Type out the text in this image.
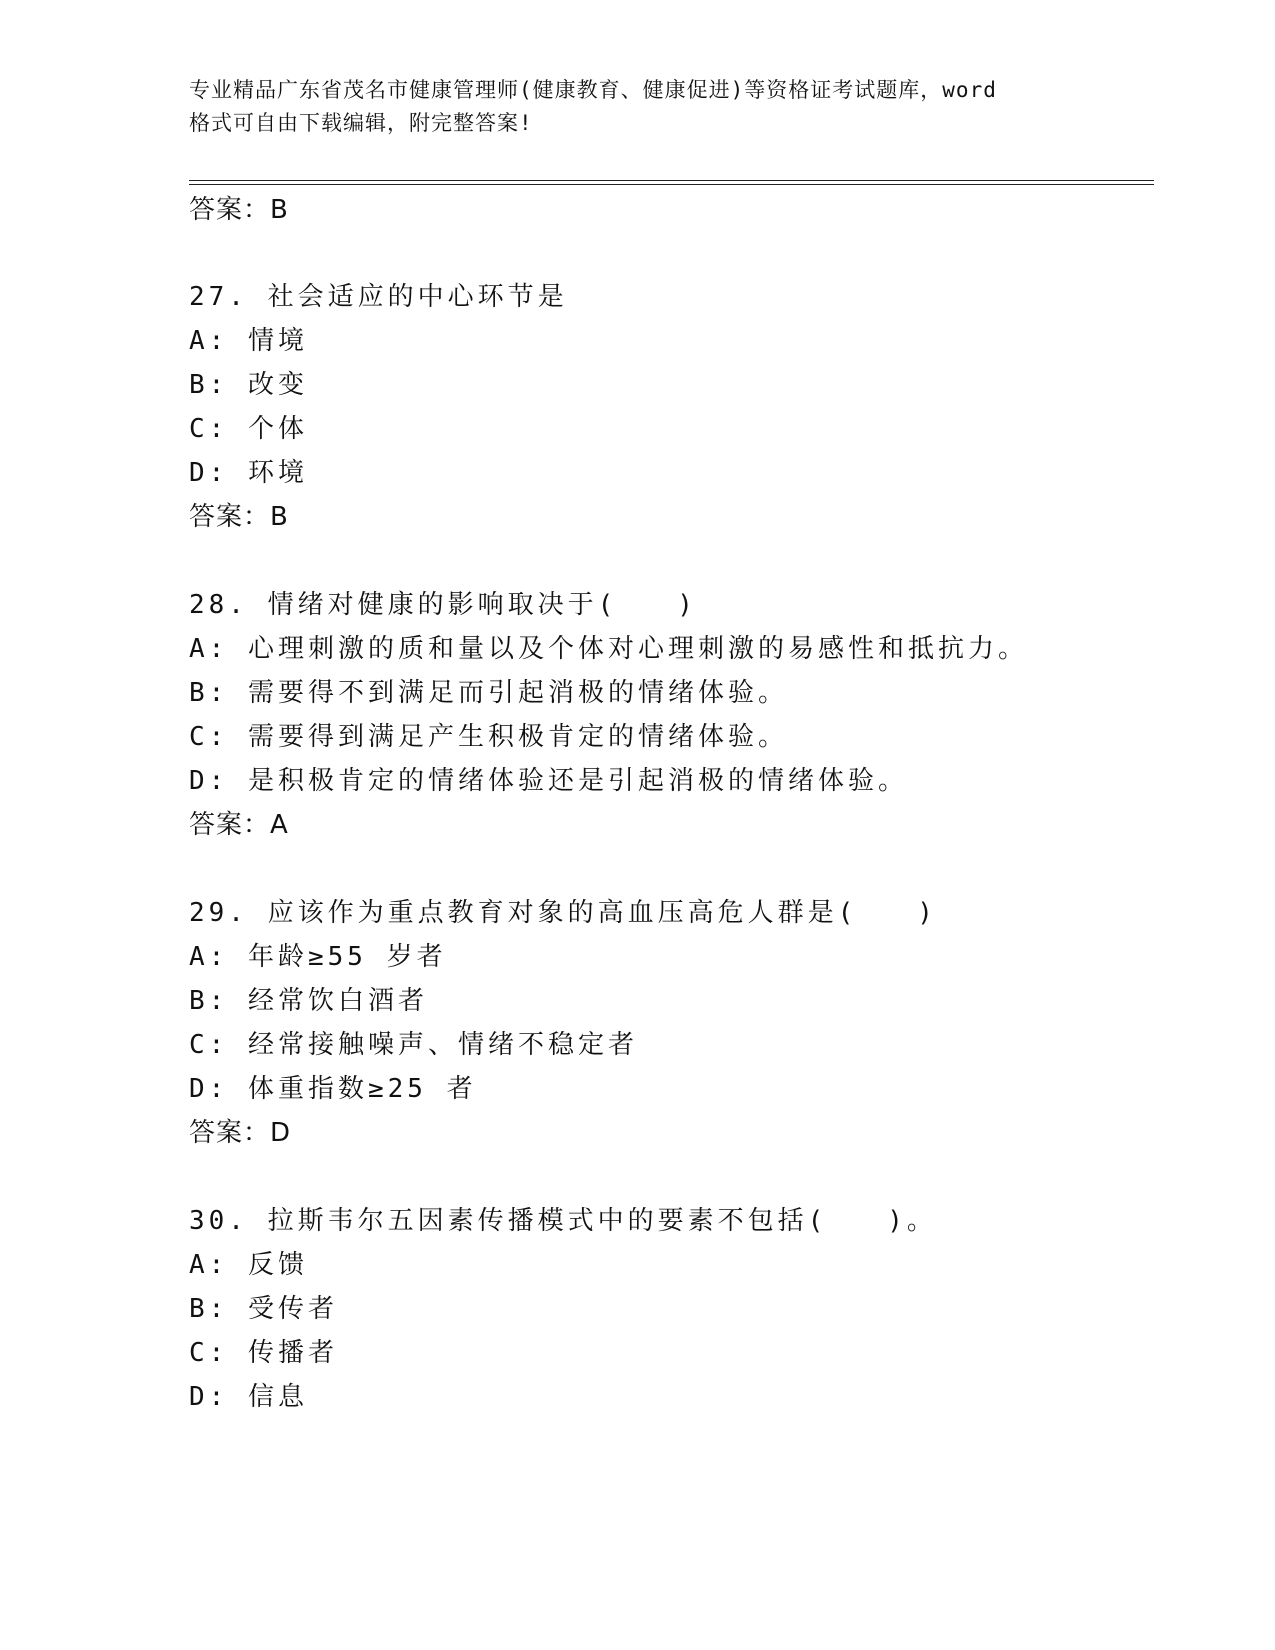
专业精品广东省茂名市健康管理师(健康教育、健康促进)等资格证考试题库，word
格式可自由下载编辑，附完整答案!
答案：B
27. 社会适应的中心环节是
A: 情境
B: 改变
C: 个体
D: 环境
答案：B
28. 情绪对健康的影响取决于(　　)
A: 心理刺激的质和量以及个体对心理刺激的易感性和抵抗力。
B: 需要得不到满足而引起消极的情绪体验。
C: 需要得到满足产生积极肯定的情绪体验。
D: 是积极肯定的情绪体验还是引起消极的情绪体验。
答案：A
29. 应该作为重点教育对象的高血压高危人群是(　　)
A: 年龄≥55 岁者
B: 经常饮白酒者
C: 经常接触噪声、情绪不稳定者
D: 体重指数≥25 者
答案：D
30. 拉斯韦尔五因素传播模式中的要素不包括(　　)。
A: 反馈
B: 受传者
C: 传播者
D: 信息
